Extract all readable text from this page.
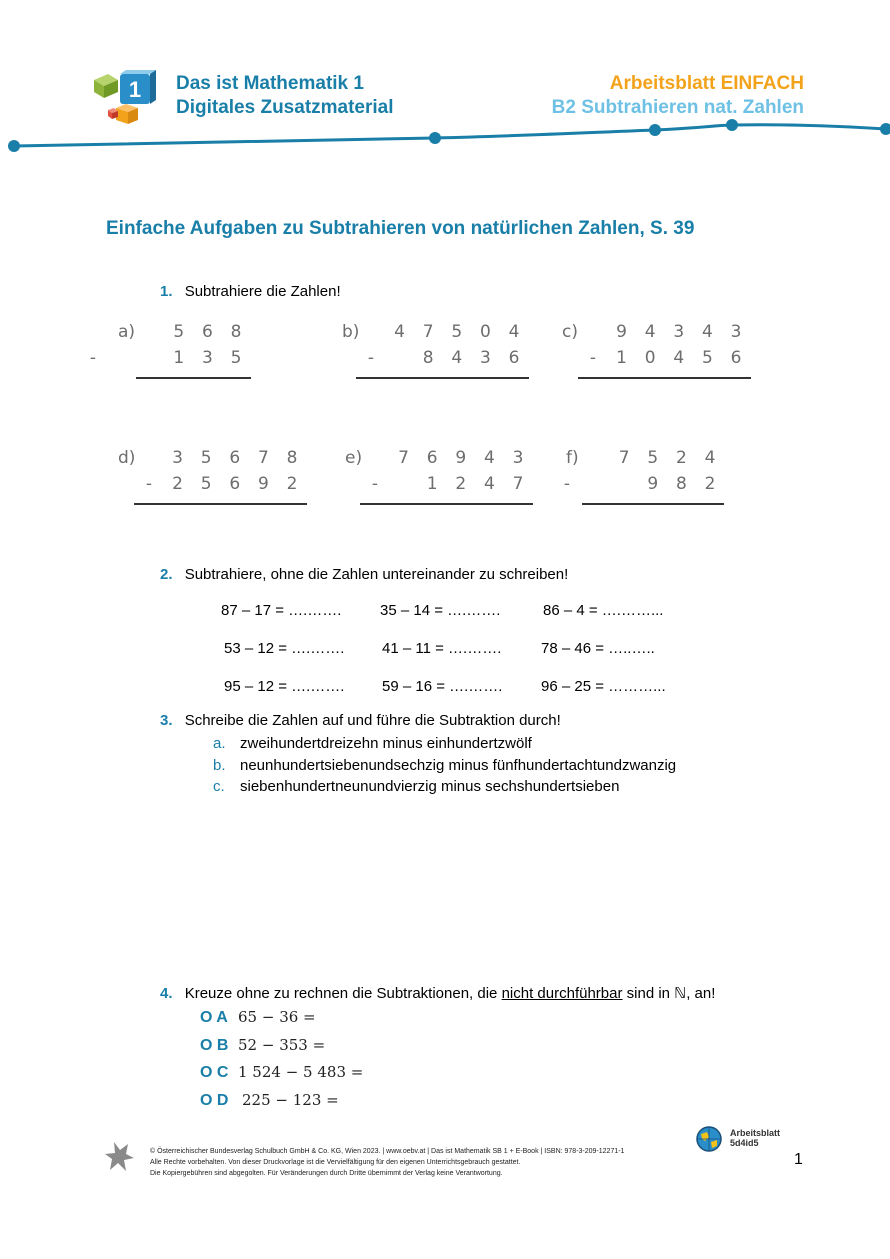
1 Das ist Mathematik 1
Digitales Zusatzmaterial
Arbeitsblatt EINFACH
B2 Subtrahieren nat. Zahlen
Einfache Aufgaben zu Subtrahieren von natürlichen Zahlen, S. 39
1. Subtrahiere die Zahlen!
a) 5 6 8
1 3 5
-
b) 4 7 5 0 4
8 4 3 6
-
c) 9 4 3 4 3
1 0 4 5 6
-
d) 3 5 6 7 8
2 5 6 9 2
-
e) 7 6 9 4 3
1 2 4 7
-
f) 7 5 2 4
9 8 2
-
2. Subtrahiere, ohne die Zahlen untereinander zu schreiben!
87 – 17 = ….…….	35 – 14 = ….…….	86 – 4 = ….……...
53 – 12 = ….…….	41 – 11 = ….…….	78 – 46 = …..…..
95 – 12 = ….…….	59 – 16 = ….…….	96 – 25 = ………...
3. Schreibe die Zahlen auf und führe die Subtraktion durch!
a. zweihundertdreizehn minus einhundertzwölf
b. neunhundertsiebenundsechzig minus fünfhundertachtundzwanzig
c. siebenhundertneunundvierzig minus sechshundertsieben
4. Kreuze ohne zu rechnen die Subtraktionen, die nicht durchführbar sind in ℕ, an!
O A 65 − 36 =
O B 52 − 353 =
O C 1 524 − 5 483 =
O D 225 − 123 =
© Österreichischer Bundesverlag Schulbuch GmbH & Co. KG, Wien 2023. | www.oebv.at | Das ist Mathematik SB 1 + E-Book | ISBN: 978-3-209-12271-1
Alle Rechte vorbehalten. Von dieser Druckvorlage ist die Vervielfältigung für den eigenen Unterrichtsgebrauch gestattet.
Die Kopiergebühren sind abgegolten. Für Veränderungen durch Dritte übernimmt der Verlag keine Verantwortung.
Arbeitsblatt
5d4id5
1
